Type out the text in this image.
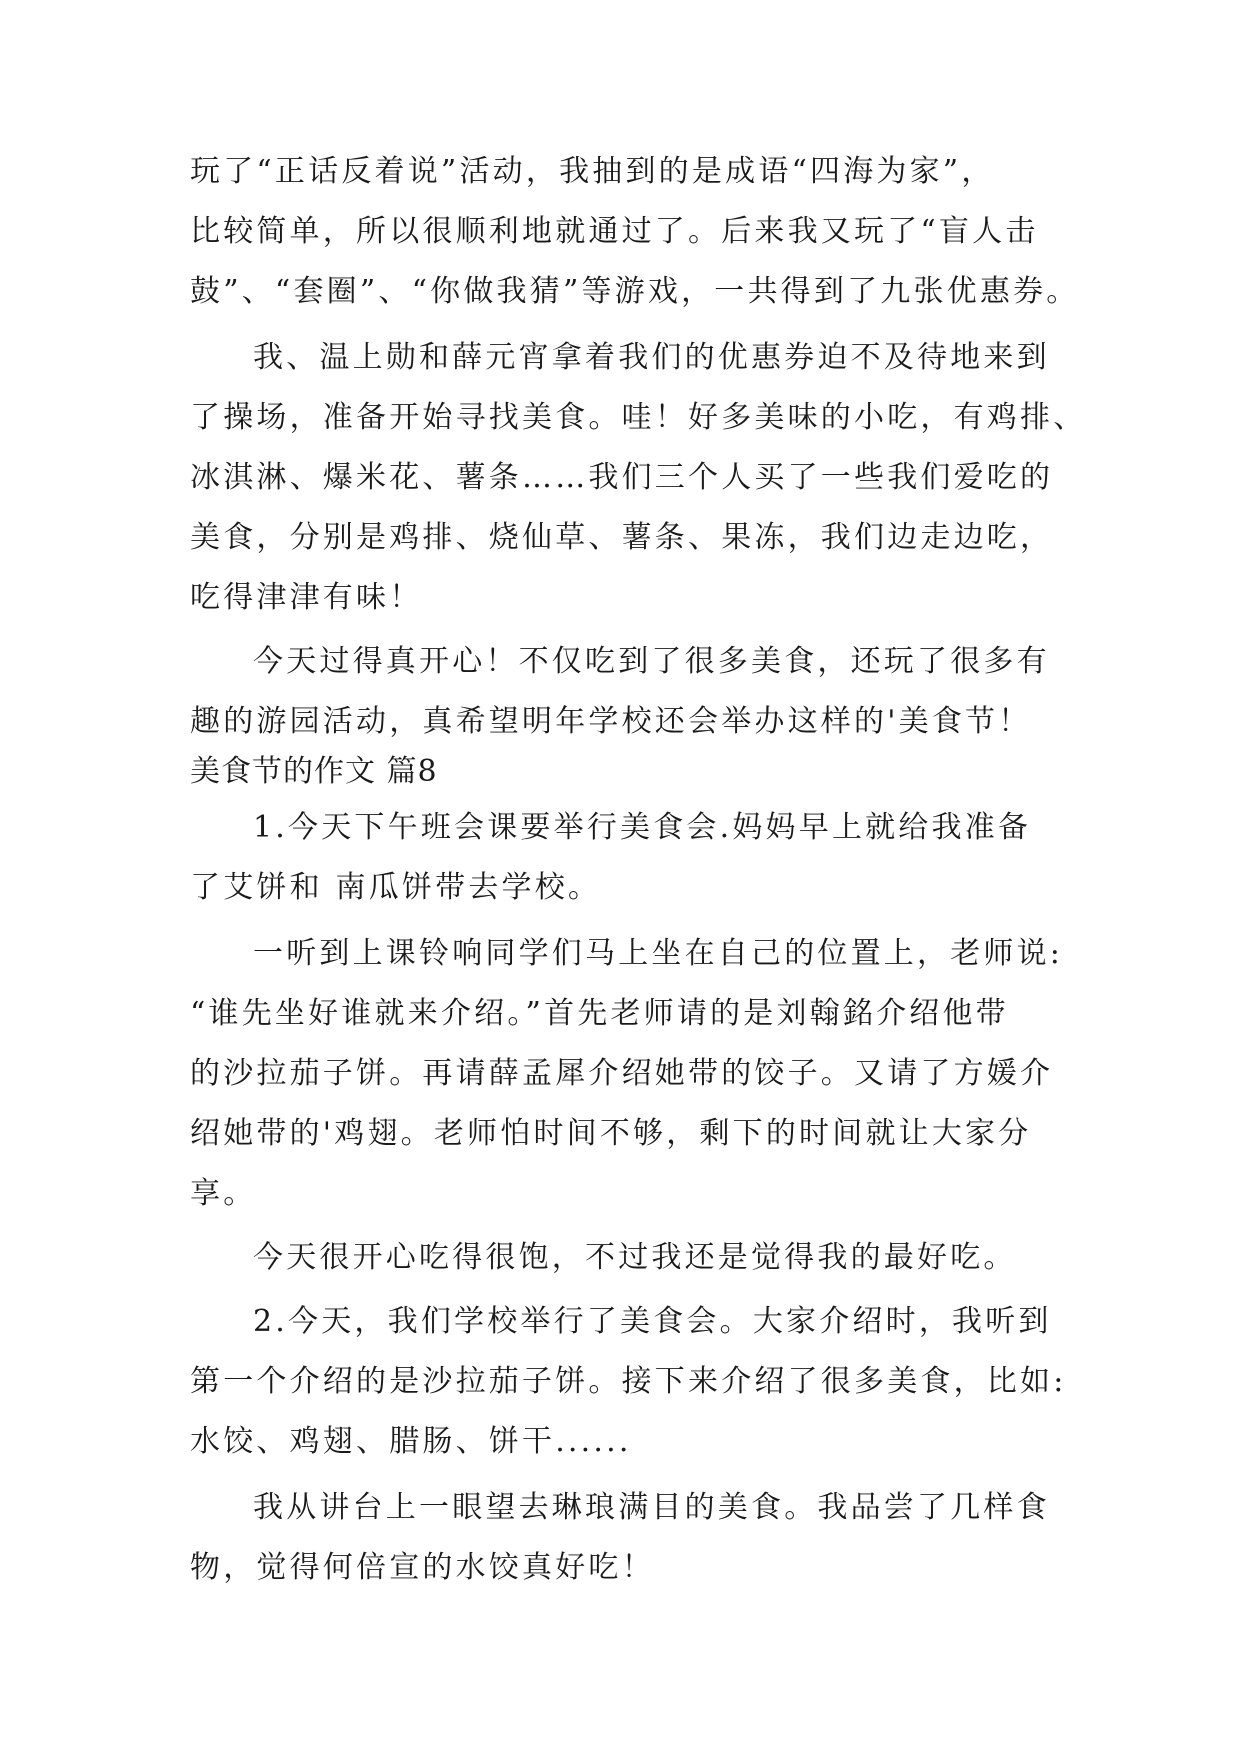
玩了“正话反着说”活动，我抽到的是成语“四海为家”，

比较简单，所以很顺利地就通过了。后来我又玩了“盲人击

鼓”、“套圈”、“你做我猜”等游戏，一共得到了九张优惠券。

我、温上勋和薛元宵拿着我们的优惠券迫不及待地来到

了操场，准备开始寻找美食。哇！好多美味的小吃，有鸡排、

冰淇淋、爆米花、薯条……我们三个人买了一些我们爱吃的

美食，分别是鸡排、烧仙草、薯条、果冻，我们边走边吃，

吃得津津有味！

今天过得真开心！不仅吃到了很多美食，还玩了很多有

趣的游园活动，真希望明年学校还会举办这样的'美食节！

美食节的作文 篇8

1.今天下午班会课要举行美食会.妈妈早上就给我准备

了艾饼和 南瓜饼带去学校。

一听到上课铃响同学们马上坐在自己的位置上，老师说:

“谁先坐好谁就来介绍。”首先老师请的是刘翰銘介绍他带

的沙拉茄子饼。再请薛孟犀介绍她带的饺子。又请了方媛介

绍她带的'鸡翅。老师怕时间不够，剩下的时间就让大家分

享。

今天很开心吃得很饱，不过我还是觉得我的最好吃。

2.今天，我们学校举行了美食会。大家介绍时，我听到

第一个介绍的是沙拉茄子饼。接下来介绍了很多美食，比如:

水饺、鸡翅、腊肠、饼干......

我从讲台上一眼望去琳琅满目的美食。我品尝了几样食

物，觉得何倍宣的水饺真好吃！
